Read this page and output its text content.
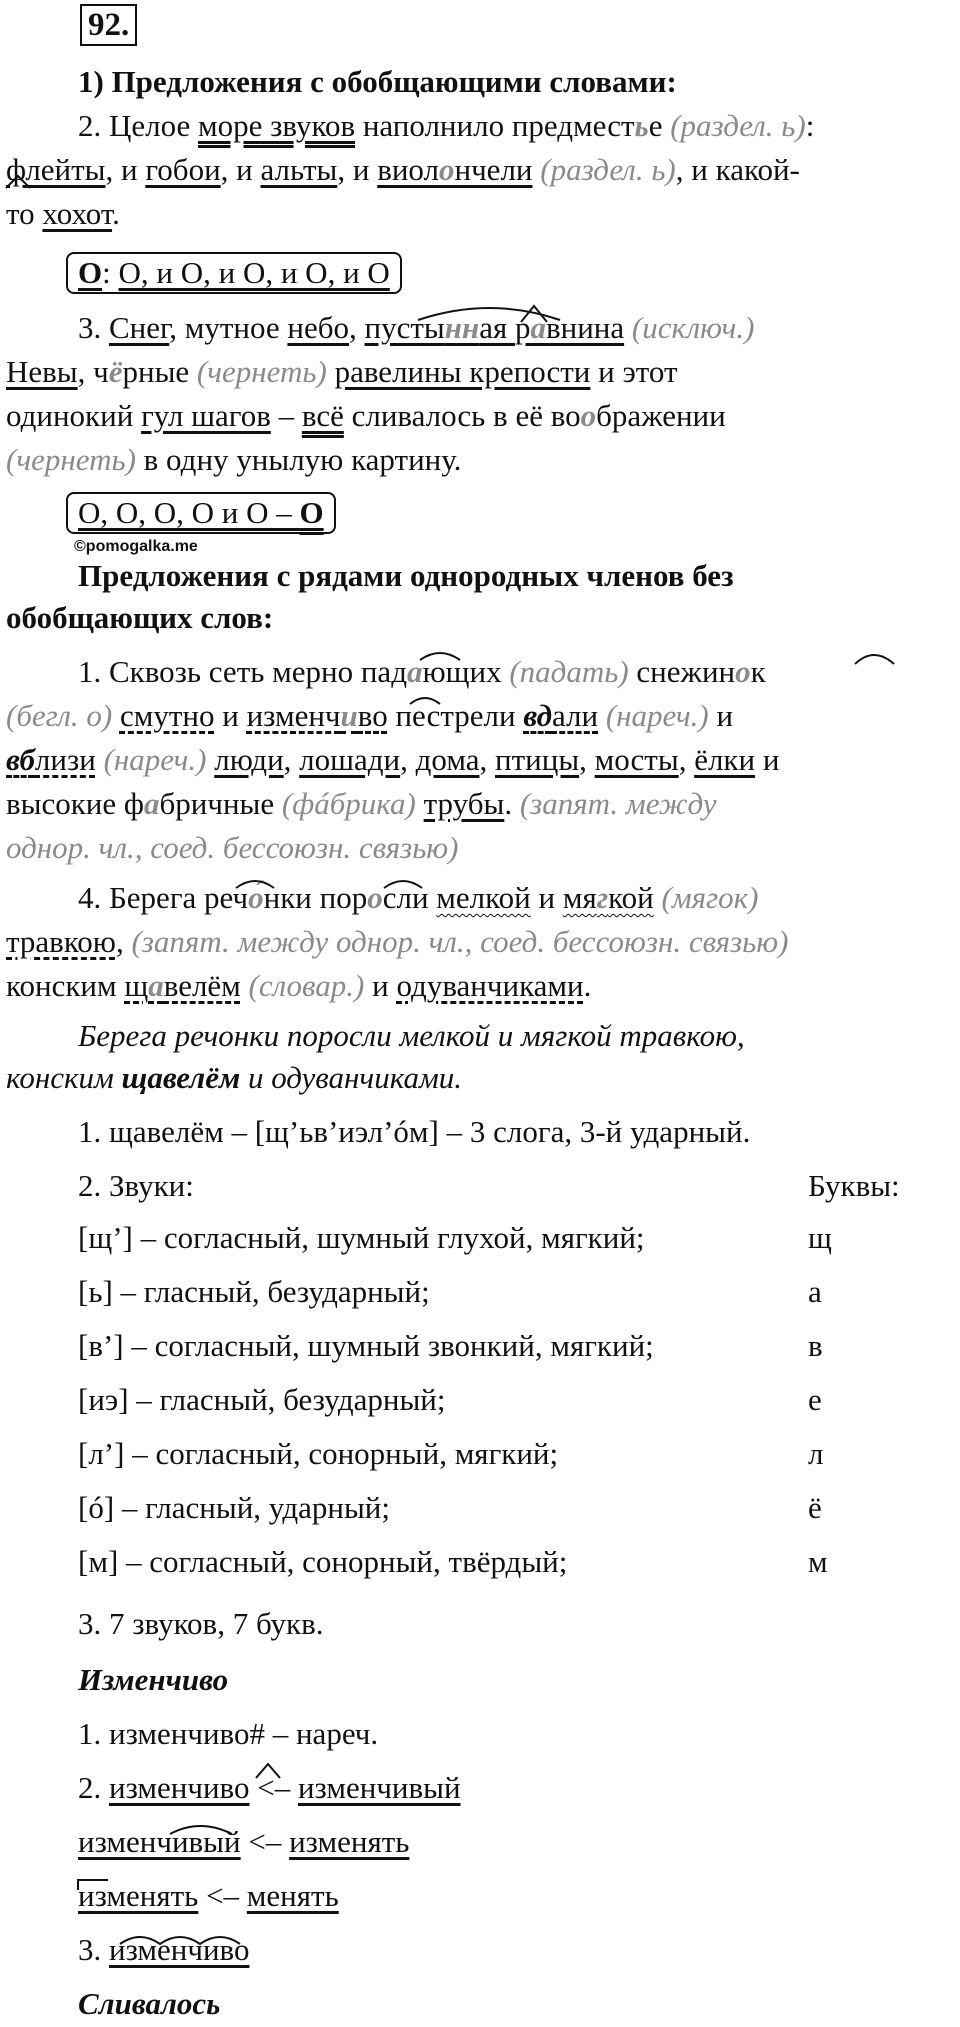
92.
1) Предложения с обобщающими словами:
2. Целое море звуков наполнило предместье (раздел. ь):
флейты, и гобои, и альты, и виолончели (раздел. ь), и какой-
то хохот.
О: О, и О, и О, и О, и О
3. Снег, мутное небо, пустынная равнина (исключ.)
Невы, чёрные (чернеть) равелины крепости и этот
одинокий гул шагов – всё сливалось в её воображении
(чернеть) в одну унылую картину.
О, О, О, О и О – О
©pomogalka.me
Предложения с рядами однородных членов без
обобщающих слов:
1. Сквозь сеть мерно падающих (падать) снежинок
(бегл. о) смутно и изменчиво пестрели вдали (нареч.) и
вблизи (нареч.) люди, лошади, дома, птицы, мосты, ёлки и
высокие фабричные (фáбрика) трубы. (запят. между
однор. чл., соед. бессоюзн. связью)
4. Берега речо́нки поросли мелкой и мягкой (мягок)
травкою, (запят. между однор. чл., соед. бессоюзн. связью)
конским щавелём (словар.) и одуванчиками.
Берега речонки поросли мелкой и мягкой травкою,
конским щавелём и одуванчиками.
1. щавелём – [щ’ьв’иэл’óм] – 3 слога, 3-й ударный.
2. Звуки:	Буквы:
[щ’] – согласный, шумный глухой, мягкий;	щ
[ь] – гласный, безударный;	а
[в’] – согласный, шумный звонкий, мягкий;	в
[иэ] – гласный, безударный;	е
[л’] – согласный, сонорный, мягкий;	л
[ó] – гласный, ударный;	ё
[м] – согласный, сонорный, твёрдый;	м
3. 7 звуков, 7 букв.
Изменчиво
1. изменчиво# – нареч.
2. изменчиво <– изменчивый
изменчивый <– изменять
изменять <– менять
3. изменчиво
Сливалось
